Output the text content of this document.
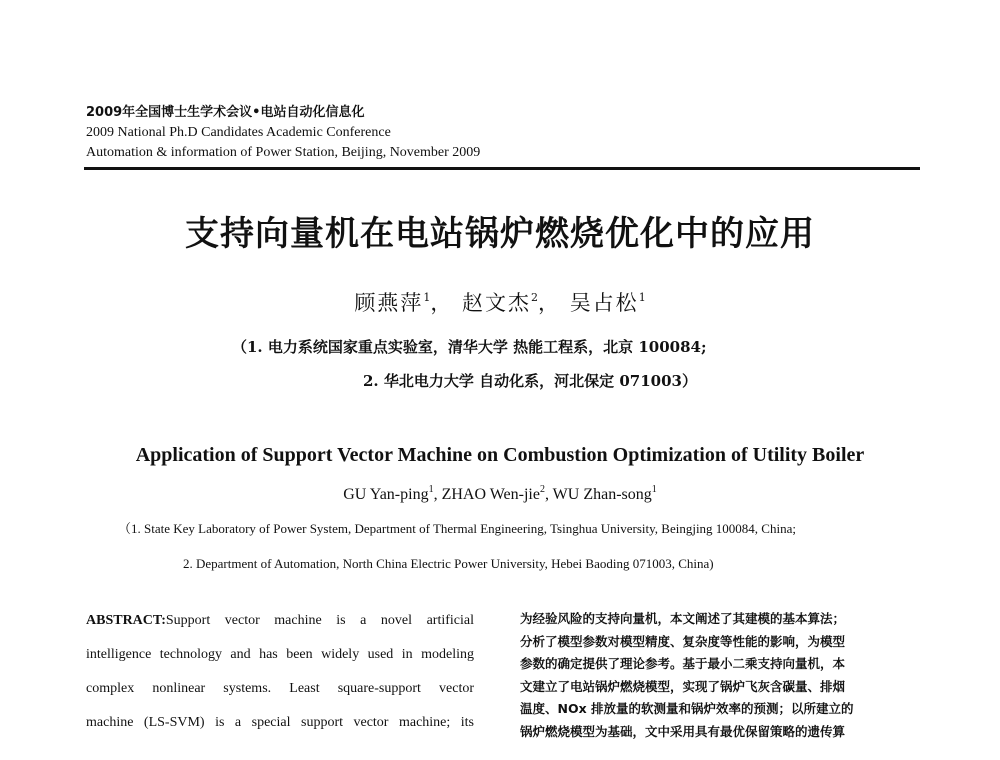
2009年全国博士生学术会议•电站自动化信息化
2009 National Ph.D Candidates Academic Conference
Automation & information of Power Station, Beijing, November 2009
支持向量机在电站锅炉燃烧优化中的应用
顾燕萍$^1$， 赵文杰$^2$， 吴占松$^1$
（1. 电力系统国家重点实验室，清华大学 热能工程系，北京 100084;
2. 华北电力大学 自动化系，河北保定 071003）
Application of Support Vector Machine on Combustion Optimization of Utility Boiler
GU Yan-ping$^1$, ZHAO Wen-jie$^2$, WU Zhan-song$^1$
（1. State Key Laboratory of Power System, Department of Thermal Engineering, Tsinghua University, Beingjing 100084, China;
2. Department of Automation, North China Electric Power University, Hebei Baoding 071003, China)
ABSTRACT:Support vector machine is a novel artificial
intelligence technology and has been widely used in modeling
complex nonlinear systems. Least square-support vector
machine (LS-SVM) is a special support vector machine; its
为经验风险的支持向量机，本文阐述了其建模的基本算法；
分析了模型参数对模型精度、复杂度等性能的影响，为模型
参数的确定提供了理论参考。基于最小二乘支持向量机，本
文建立了电站锅炉燃烧模型，实现了锅炉飞灰含碳量、排烟
温度、NOx 排放量的软测量和锅炉效率的预测；以所建立的
锅炉燃烧模型为基础，文中采用具有最优保留策略的遗传算
